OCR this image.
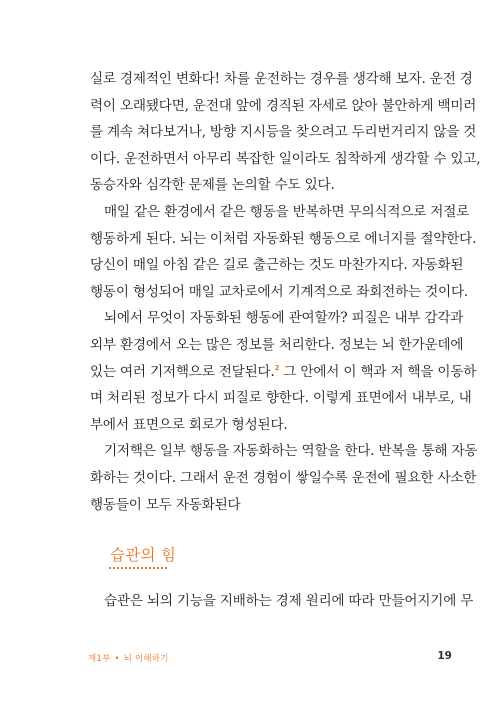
실로 경제적인 변화다! 차를 운전하는 경우를 생각해 보자. 운전 경
력이 오래됐다면, 운전대 앞에 경직된 자세로 앉아 불안하게 백미러
를 계속 쳐다보거나, 방향 지시등을 찾으려고 두리번거리지 않을 것
이다. 운전하면서 아무리 복잡한 일이라도 침착하게 생각할 수 있고,
동승자와 심각한 문제를 논의할 수도 있다.
매일 같은 환경에서 같은 행동을 반복하면 무의식적으로 저절로
행동하게 된다. 뇌는 이처럼 자동화된 행동으로 에너지를 절약한다.
당신이 매일 아침 같은 길로 출근하는 것도 마찬가지다. 자동화된
행동이 형성되어 매일 교차로에서 기계적으로 좌회전하는 것이다.
뇌에서 무엇이 자동화된 행동에 관여할까? 피질은 내부 감각과
외부 환경에서 오는 많은 정보를 처리한다. 정보는 뇌 한가운데에
있는 여러 기저핵으로 전달된다.2 그 안에서 이 핵과 저 핵을 이동하
며 처리된 정보가 다시 피질로 향한다. 이렇게 표면에서 내부로, 내
부에서 표면으로 회로가 형성된다.
기저핵은 일부 행동을 자동화하는 역할을 한다. 반복을 통해 자동
화하는 것이다. 그래서 운전 경험이 쌓일수록 운전에 필요한 사소한
행동들이 모두 자동화된다
습관의 힘
습관은 뇌의 기능을 지배하는 경제 원리에 따라 만들어지기에 무
제1부 • 뇌 이해하기	19
